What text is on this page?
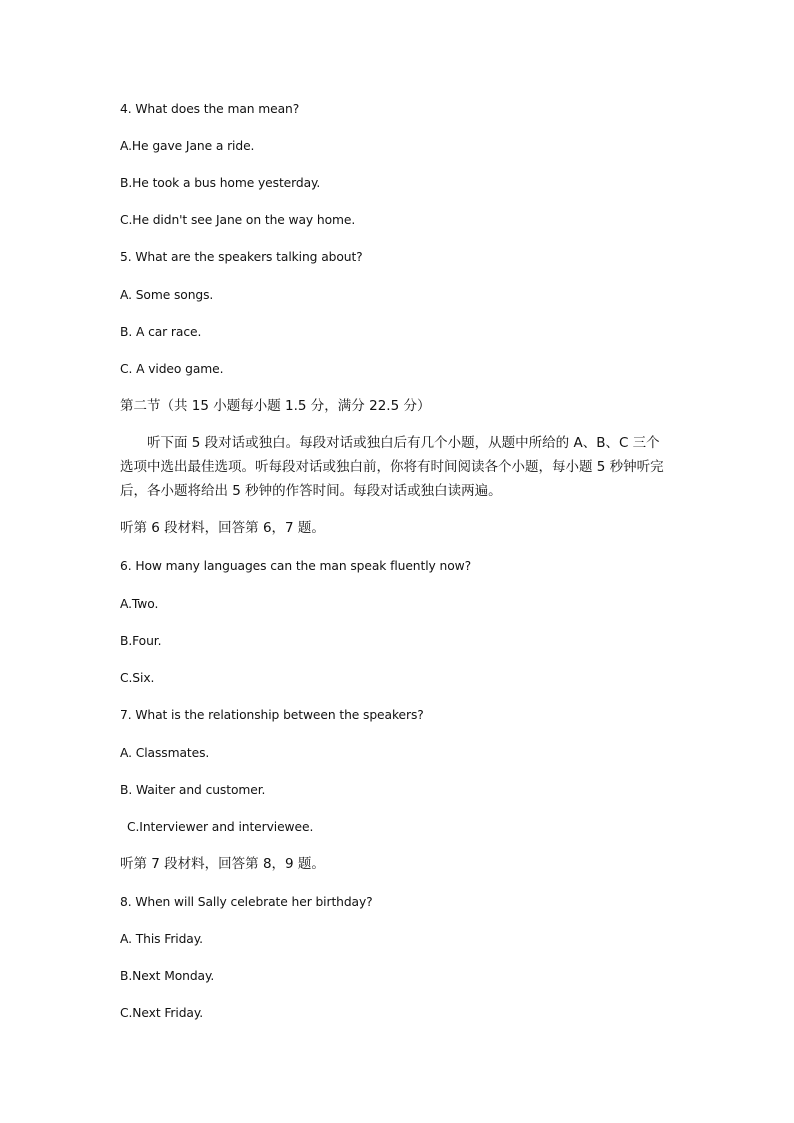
4. What does the man mean?
A.He gave Jane a ride.
B.He took a bus home yesterday.
C.He didn't see Jane on the way home.
5. What are the speakers talking about?
A. Some songs.
B. A car race.
C. A video game.
第二节（共 15 小题每小题 1.5 分，满分 22.5 分）
听下面 5 段对话或独白。每段对话或独白后有几个小题，从题中所给的 A、B、C 三个
选项中选出最佳选项。听每段对话或独白前，你将有时间阅读各个小题，每小题 5 秒钟听完
后，各小题将给出 5 秒钟的作答时间。每段对话或独白读两遍。
听第 6 段材料，回答第 6，7 题。
6. How many languages can the man speak fluently now?
A.Two.
B.Four.
C.Six.
7. What is the relationship between the speakers?
A. Classmates.
B. Waiter and customer.
C.Interviewer and interviewee.
听第 7 段材料，回答第 8，9 题。
8. When will Sally celebrate her birthday?
A. This Friday.
B.Next Monday.
C.Next Friday.
